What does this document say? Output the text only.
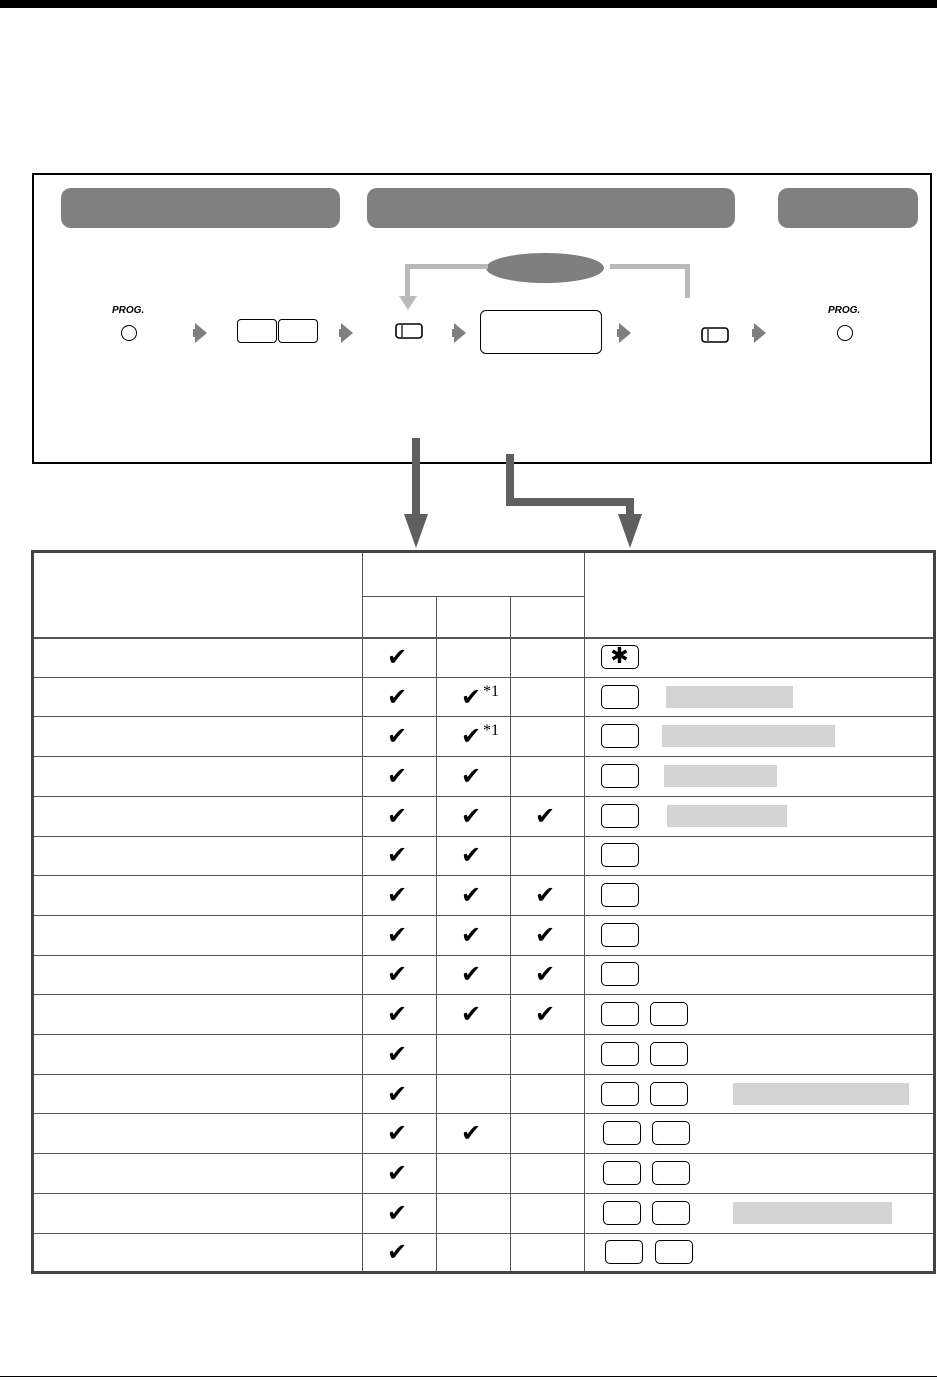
PROG.	PROG.
✔	✱
✔ ✔ *1
✔ ✔ *1
✔ ✔
✔ ✔ ✔
✔ ✔
✔ ✔ ✔
✔ ✔ ✔
✔ ✔ ✔
✔ ✔ ✔
✔
✔
✔ ✔
✔
✔
✔
